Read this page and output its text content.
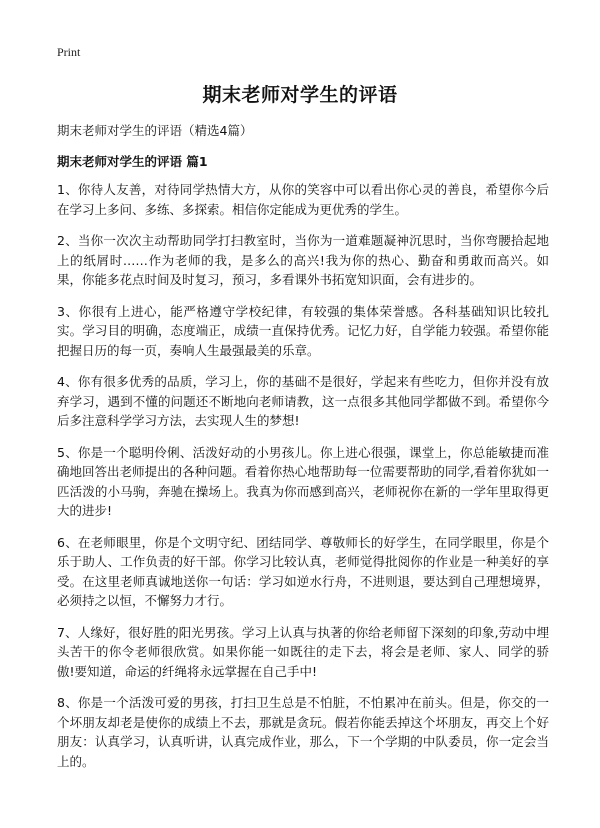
Print
期末老师对学生的评语

期末老师对学生的评语（精选4篇）

期末老师对学生的评语 篇1

1、你待人友善，对待同学热情大方，从你的笑容中可以看出你心灵的善良，希望你今后在学习上多问、多练、多探索。相信你定能成为更优秀的学生。

2、当你一次次主动帮助同学打扫教室时，当你为一道难题凝神沉思时，当你弯腰拾起地上的纸屑时……作为老师的我，是多么的高兴!我为你的热心、勤奋和勇敢而高兴。如果，你能多花点时间及时复习，预习，多看课外书拓宽知识面，会有进步的。

3、你很有上进心，能严格遵守学校纪律，有较强的集体荣誉感。各科基础知识比较扎实。学习目的明确，态度端正，成绩一直保持优秀。记忆力好，自学能力较强。希望你能把握日历的每一页，奏响人生最强最美的乐章。

4、你有很多优秀的品质，学习上，你的基础不是很好，学起来有些吃力，但你并没有放弃学习，遇到不懂的问题还不断地向老师请教，这一点很多其他同学都做不到。希望你今后多注意科学学习方法，去实现人生的梦想!

5、你是一个聪明伶俐、活泼好动的小男孩儿。你上进心很强，课堂上，你总能敏捷而准确地回答出老师提出的各种问题。看着你热心地帮助每一位需要帮助的同学,看着你犹如一匹活泼的小马驹，奔驰在操场上。我真为你而感到高兴，老师祝你在新的一学年里取得更大的进步!

6、在老师眼里，你是个文明守纪、团结同学、尊敬师长的好学生，在同学眼里，你是个乐于助人、工作负责的好干部。你学习比较认真，老师觉得批阅你的作业是一种美好的享受。在这里老师真诚地送你一句话：学习如逆水行舟，不进则退，要达到自己理想境界，必须持之以恒，不懈努力才行。

7、人缘好，很好胜的阳光男孩。学习上认真与执著的你给老师留下深刻的印象,劳动中埋头苦干的你令老师很欣赏。如果你能一如既往的走下去，将会是老师、家人、同学的骄傲!要知道，命运的纤绳将永远掌握在自己手中!

8、你是一个活泼可爱的男孩，打扫卫生总是不怕脏，不怕累冲在前头。但是，你交的一个坏朋友却老是使你的成绩上不去，那就是贪玩。假若你能丢掉这个坏朋友，再交上个好朋友：认真学习，认真听讲，认真完成作业，那么，下一个学期的中队委员，你一定会当上的。
